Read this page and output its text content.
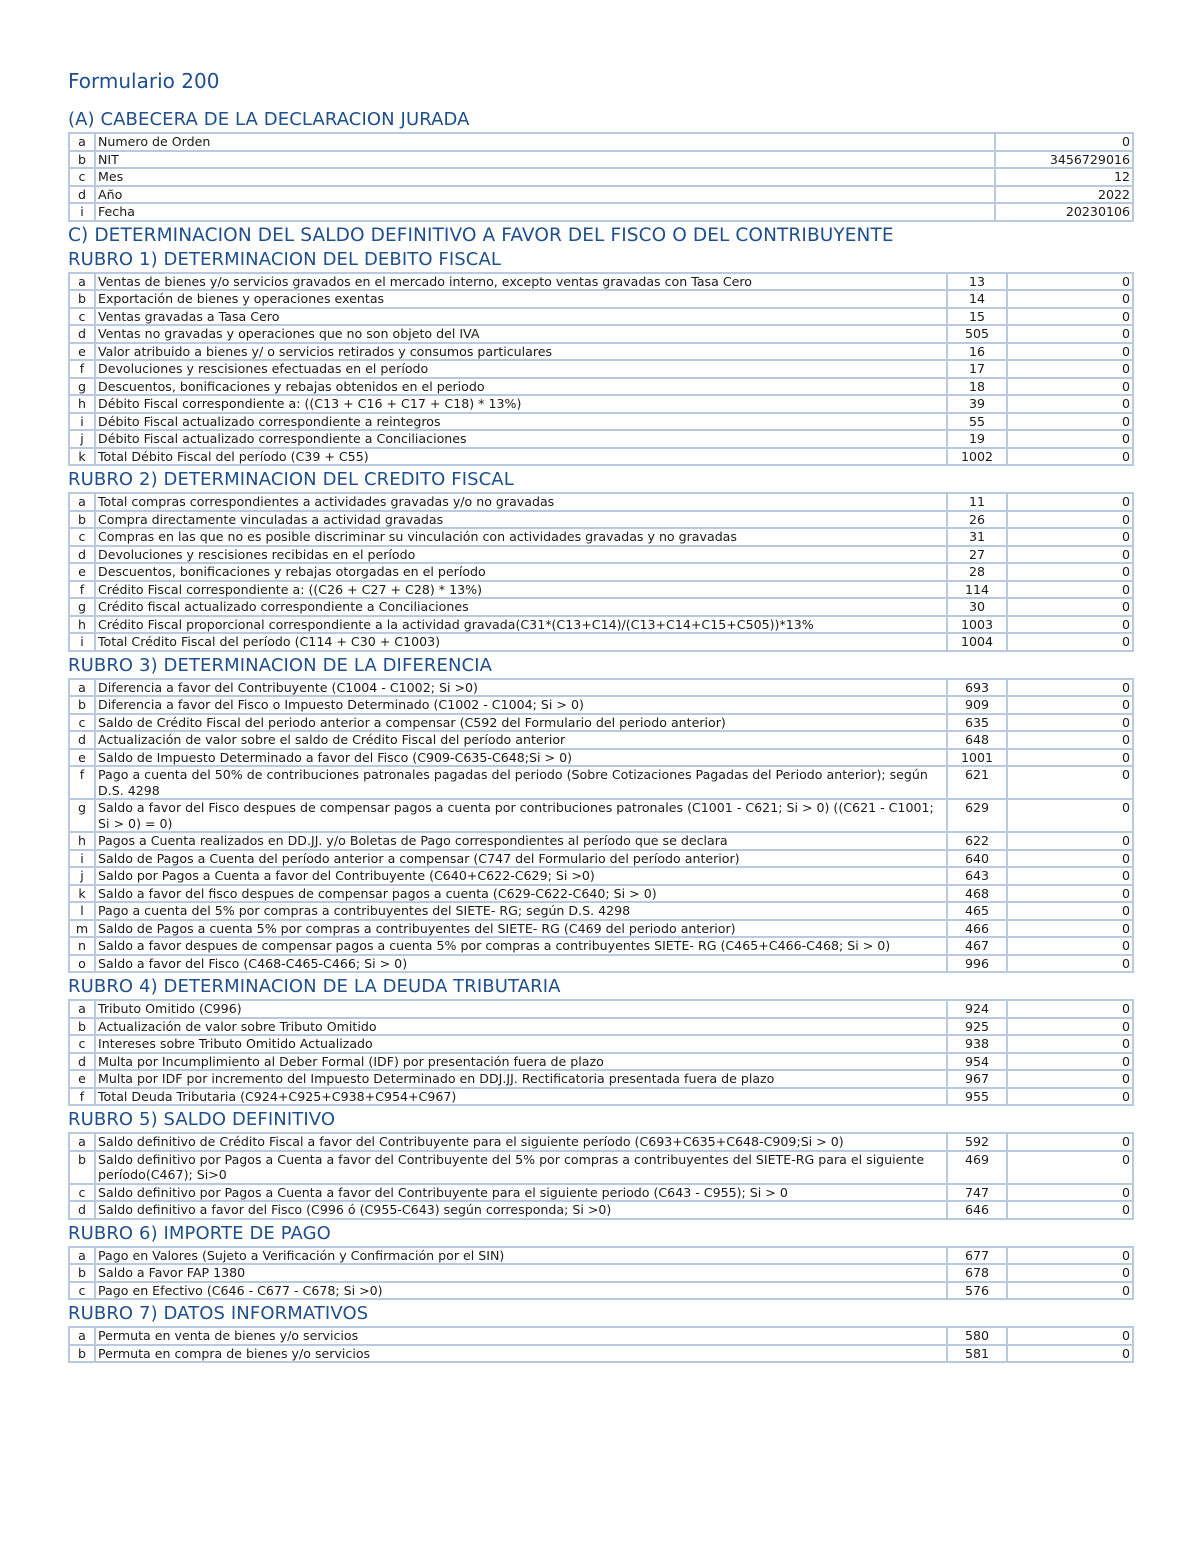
Formulario 200
(A) CABECERA DE LA DECLARACION JURADA
a	Numero de Orden	0
b	NIT	3456729016
c	Mes	12
d	Año	2022
i	Fecha	20230106
C) DETERMINACION DEL SALDO DEFINITIVO A FAVOR DEL FISCO O DEL CONTRIBUYENTE
RUBRO 1) DETERMINACION DEL DEBITO FISCAL
a	Ventas de bienes y/o servicios gravados en el mercado interno, excepto ventas gravadas con Tasa Cero	13	0
b	Exportación de bienes y operaciones exentas	14	0
c	Ventas gravadas a Tasa Cero	15	0
d	Ventas no gravadas y operaciones que no son objeto del IVA	505	0
e	Valor atribuido a bienes y/ o servicios retirados y consumos particulares	16	0
f	Devoluciones y rescisiones efectuadas en el período	17	0
g	Descuentos, bonificaciones y rebajas obtenidos en el periodo	18	0
h	Débito Fiscal correspondiente a: ((C13 + C16 + C17 + C18) * 13%)	39	0
i	Débito Fiscal actualizado correspondiente a reintegros	55	0
j	Débito Fiscal actualizado correspondiente a Conciliaciones	19	0
k	Total Débito Fiscal del período (C39 + C55)	1002	0
RUBRO 2) DETERMINACION DEL CREDITO FISCAL
a	Total compras correspondientes a actividades gravadas y/o no gravadas	11	0
b	Compra directamente vinculadas a actividad gravadas	26	0
c	Compras en las que no es posible discriminar su vinculación con actividades gravadas y no gravadas	31	0
d	Devoluciones y rescisiones recibidas en el período	27	0
e	Descuentos, bonificaciones y rebajas otorgadas en el período	28	0
f	Crédito Fiscal correspondiente a: ((C26 + C27 + C28) * 13%)	114	0
g	Crédito fiscal actualizado correspondiente a Conciliaciones	30	0
h	Crédito Fiscal proporcional correspondiente a la actividad gravada(C31*(C13+C14)/(C13+C14+C15+C505))*13%	1003	0
i	Total Crédito Fiscal del período (C114 + C30 + C1003)	1004	0
RUBRO 3) DETERMINACION DE LA DIFERENCIA
a	Diferencia a favor del Contribuyente (C1004 - C1002; Si >0)	693	0
b	Diferencia a favor del Fisco o Impuesto Determinado (C1002 - C1004; Si > 0)	909	0
c	Saldo de Crédito Fiscal del periodo anterior a compensar (C592 del Formulario del periodo anterior)	635	0
d	Actualización de valor sobre el saldo de Crédito Fiscal del período anterior	648	0
e	Saldo de Impuesto Determinado a favor del Fisco (C909-C635-C648;Si > 0)	1001	0
f	Pago a cuenta del 50% de contribuciones patronales pagadas del periodo (Sobre Cotizaciones Pagadas del Periodo anterior); según D.S. 4298	621	0
g	Saldo a favor del Fisco despues de compensar pagos a cuenta por contribuciones patronales (C1001 - C621; Si > 0) ((C621 - C1001; Si > 0) = 0)	629	0
h	Pagos a Cuenta realizados en DD.JJ. y/o Boletas de Pago correspondientes al período que se declara	622	0
i	Saldo de Pagos a Cuenta del período anterior a compensar (C747 del Formulario del período anterior)	640	0
j	Saldo por Pagos a Cuenta a favor del Contribuyente (C640+C622-C629; Si >0)	643	0
k	Saldo a favor del fisco despues de compensar pagos a cuenta (C629-C622-C640; Si > 0)	468	0
l	Pago a cuenta del 5% por compras a contribuyentes del SIETE- RG; según D.S. 4298	465	0
m	Saldo de Pagos a cuenta 5% por compras a contribuyentes del SIETE- RG (C469 del periodo anterior)	466	0
n	Saldo a favor despues de compensar pagos a cuenta 5% por compras a contribuyentes SIETE- RG (C465+C466-C468; Si > 0)	467	0
o	Saldo a favor del Fisco (C468-C465-C466; Si > 0)	996	0
RUBRO 4) DETERMINACION DE LA DEUDA TRIBUTARIA
a	Tributo Omitido (C996)	924	0
b	Actualización de valor sobre Tributo Omitido	925	0
c	Intereses sobre Tributo Omitido Actualizado	938	0
d	Multa por Incumplimiento al Deber Formal (IDF) por presentación fuera de plazo	954	0
e	Multa por IDF por incremento del Impuesto Determinado en DDJ.JJ. Rectificatoria presentada fuera de plazo	967	0
f	Total Deuda Tributaria (C924+C925+C938+C954+C967)	955	0
RUBRO 5) SALDO DEFINITIVO
a	Saldo definitivo de Crédito Fiscal a favor del Contribuyente para el siguiente período (C693+C635+C648-C909;Si > 0)	592	0
b	Saldo definitivo por Pagos a Cuenta a favor del Contribuyente del 5% por compras a contribuyentes del SIETE-RG para el siguiente período(C467); Si>0	469	0
c	Saldo definitivo por Pagos a Cuenta a favor del Contribuyente para el siguiente periodo (C643 - C955); Si > 0	747	0
d	Saldo definitivo a favor del Fisco (C996 ó (C955-C643) según corresponda; Si >0)	646	0
RUBRO 6) IMPORTE DE PAGO
a	Pago en Valores (Sujeto a Verificación y Confirmación por el SIN)	677	0
b	Saldo a Favor FAP 1380	678	0
c	Pago en Efectivo (C646 - C677 - C678; Si >0)	576	0
RUBRO 7) DATOS INFORMATIVOS
a	Permuta en venta de bienes y/o servicios	580	0
b	Permuta en compra de bienes y/o servicios	581	0
